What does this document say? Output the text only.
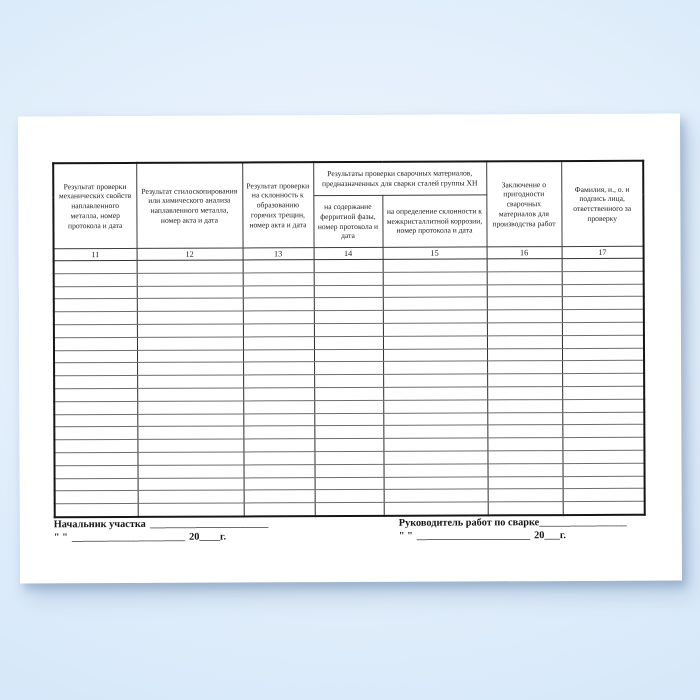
Результат проверки механических свойств наплавленного металла, номер протокола и дата	Результат стилоскопирования или химического анализа наплавленного металла, номер акта и дата	Результат проверки на склонность к образованию горячих трещин, номер акта и дата	Результаты проверки сварочных материалов, предназначенных для сварки сталей группы ХН		Заключение о пригодности сварочных материалов для производства работ	Фамилия, и., о. и подпись лица, ответственного за проверку
			на содержание ферритной фазы, номер протокола и дата	на определение склонности к межкристаллитной коррозии, номер протокола и дата		
11	12	13	14	15	16	17

Начальник участка _______________________
" " ______________________ 20____г.
Руководитель работ по сварке_________________
" " ______________________ 20___г.
